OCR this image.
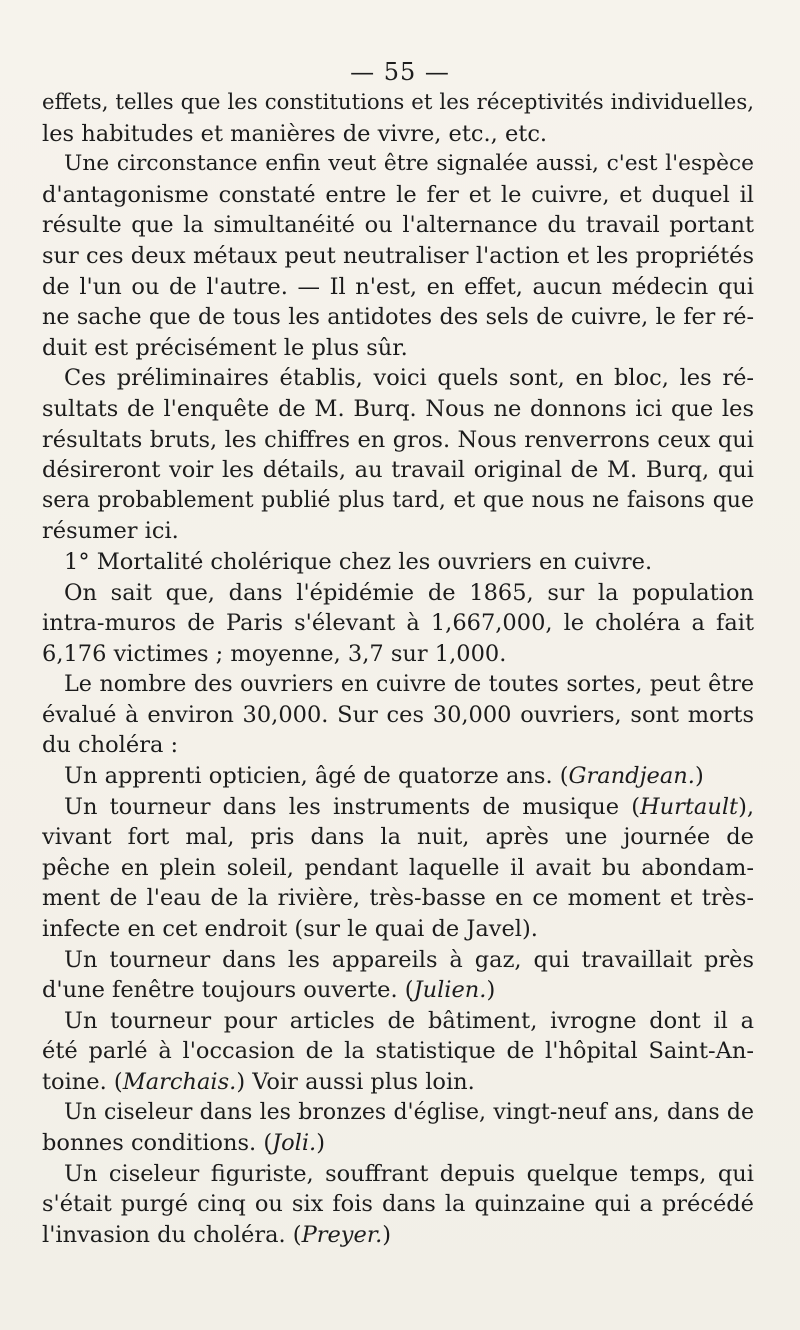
— 55 —
effets, telles que les constitutions et les réceptivités individuelles,
les habitudes et manières de vivre, etc., etc.
Une circonstance enfin veut être signalée aussi, c'est l'espèce
d'antagonisme constaté entre le fer et le cuivre, et duquel il
résulte que la simultanéité ou l'alternance du travail portant
sur ces deux métaux peut neutraliser l'action et les propriétés
de l'un ou de l'autre. — Il n'est, en effet, aucun médecin qui
ne sache que de tous les antidotes des sels de cuivre, le fer ré-
duit est précisément le plus sûr.
Ces préliminaires établis, voici quels sont, en bloc, les ré-
sultats de l'enquête de M. Burq. Nous ne donnons ici que les
résultats bruts, les chiffres en gros. Nous renverrons ceux qui
désireront voir les détails, au travail original de M. Burq, qui
sera probablement publié plus tard, et que nous ne faisons que
résumer ici.
1° Mortalité cholérique chez les ouvriers en cuivre.
On sait que, dans l'épidémie de 1865, sur la population
intra-muros de Paris s'élevant à 1,667,000, le choléra a fait
6,176 victimes ; moyenne, 3,7 sur 1,000.
Le nombre des ouvriers en cuivre de toutes sortes, peut être
évalué à environ 30,000. Sur ces 30,000 ouvriers, sont morts
du choléra :
Un apprenti opticien, âgé de quatorze ans. (Grandjean.)
Un tourneur dans les instruments de musique (Hurtault),
vivant fort mal, pris dans la nuit, après une journée de
pêche en plein soleil, pendant laquelle il avait bu abondam-
ment de l'eau de la rivière, très-basse en ce moment et très-
infecte en cet endroit (sur le quai de Javel).
Un tourneur dans les appareils à gaz, qui travaillait près
d'une fenêtre toujours ouverte. (Julien.)
Un tourneur pour articles de bâtiment, ivrogne dont il a
été parlé à l'occasion de la statistique de l'hôpital Saint-An-
toine. (Marchais.) Voir aussi plus loin.
Un ciseleur dans les bronzes d'église, vingt-neuf ans, dans de
bonnes conditions. (Joli.)
Un ciseleur figuriste, souffrant depuis quelque temps, qui
s'était purgé cinq ou six fois dans la quinzaine qui a précédé
l'invasion du choléra. (Preyer.)
